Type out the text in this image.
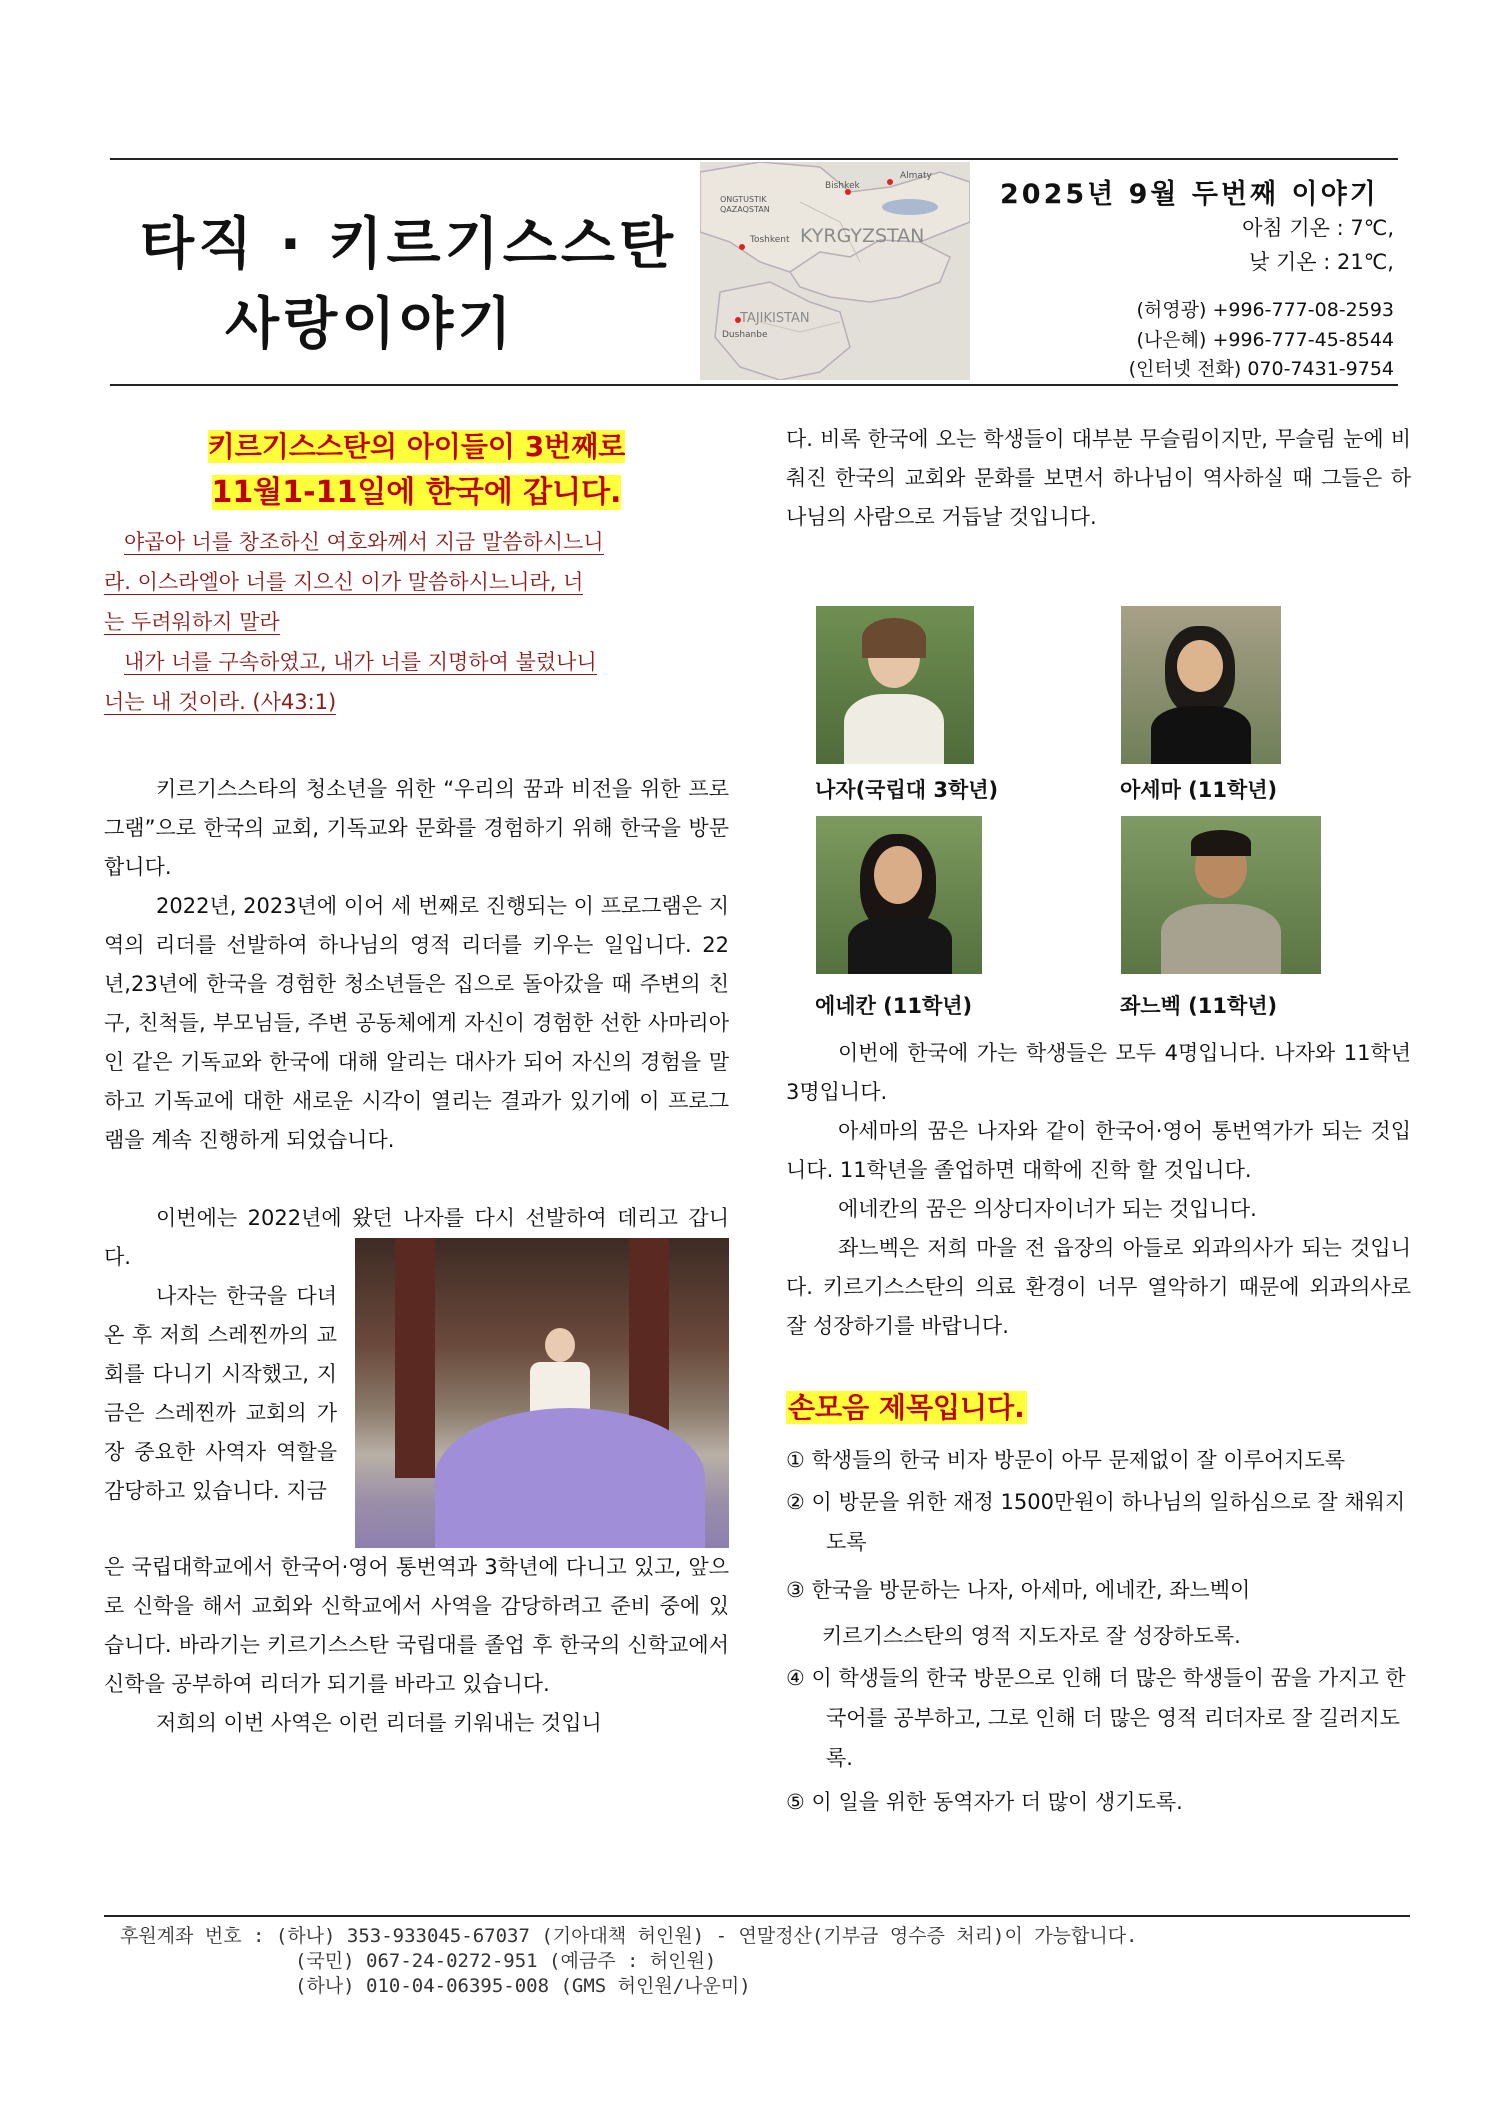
타직 · 키르기스스탄
사랑이야기
Bishkek
Almaty
ONGTUSTIK
QAZAQSTAN
Toshkent KYRGYZSTAN
TAJIKISTAN
Dushanbe
2025년 9월 두번째 이야기
아침 기온 : 7℃,
낮 기온 : 21℃,
(허영광) +996-777-08-2593
(나은혜) +996-777-45-8544
(인터넷 전화) 070-7431-9754
키르기스스탄의 아이들이 3번째로
11월1-11일에 한국에 갑니다.
야곱아 너를 창조하신 여호와께서 지금 말씀하시느니
라. 이스라엘아 너를 지으신 이가 말씀하시느니라, 너
는 두려워하지 말라
내가 너를 구속하였고, 내가 너를 지명하여 불렀나니
너는 내 것이라. (사43:1)

키르기스스타의 청소년을 위한 “우리의 꿈과 비전을 위한 프로그램”으로 한국의 교회, 기독교와 문화를 경험하기 위해 한국을 방문합니다.

2022년, 2023년에 이어 세 번째로 진행되는 이 프로그램은 지역의 리더를 선발하여 하나님의 영적 리더를 키우는 일입니다. 22년,23년에 한국을 경험한 청소년들은 집으로 돌아갔을 때 주변의 친구, 친척들, 부모님들, 주변 공동체에게 자신이 경험한 선한 사마리아인 같은 기독교와 한국에 대해 알리는 대사가 되어 자신의 경험을 말하고 기독교에 대한 새로운 시각이 열리는 결과가 있기에 이 프로그램을 계속 진행하게 되었습니다.

이번에는 2022년에 왔던 나자를 다시 선발하여 데리고 갑니다.

나자는 한국을 다녀온 후 저희 스레찐까의 교회를 다니기 시작했고, 지금은 스레찐까 교회의 가장 중요한 사역자 역할을 감당하고 있습니다. 지금

은 국립대학교에서 한국어·영어 통번역과 3학년에 다니고 있고, 앞으로 신학을 해서 교회와 신학교에서 사역을 감당하려고 준비 중에 있습니다. 바라기는 키르기스스탄 국립대를 졸업 후 한국의 신학교에서 신학을 공부하여 리더가 되기를 바라고 있습니다.

저희의 이번 사역은 이런 리더를 키워내는 것입니

다. 비록 한국에 오는 학생들이 대부분 무슬림이지만, 무슬림 눈에 비춰진 한국의 교회와 문화를 보면서 하나님이 역사하실 때 그들은 하나님의 사람으로 거듭날 것입니다.

나자(국립대 3학년)	아세마 (11학년)
에네칸 (11학년)	좌느벡 (11학년)

이번에 한국에 가는 학생들은 모두 4명입니다. 나자와 11학년 3명입니다.

아세마의 꿈은 나자와 같이 한국어·영어 통번역가가 되는 것입니다. 11학년을 졸업하면 대학에 진학 할 것입니다.

에네칸의 꿈은 의상디자이너가 되는 것입니다.

좌느벡은 저희 마을 전 읍장의 아들로 외과의사가 되는 것입니다. 키르기스스탄의 의료 환경이 너무 열악하기 때문에 외과의사로 잘 성장하기를 바랍니다.

손모음 제목입니다.

① 학생들의 한국 비자 방문이 아무 문제없이 잘 이루어지도록

② 이 방문을 위한 재정 1500만원이 하나님의 일하심으로 잘 채워지도록

③ 한국을 방문하는 나자, 아세마, 에네칸, 좌느벡이

키르기스스탄의 영적 지도자로 잘 성장하도록.

④ 이 학생들의 한국 방문으로 인해 더 많은 학생들이 꿈을 가지고 한국어를 공부하고, 그로 인해 더 많은 영적 리더자로 잘 길러지도록.

⑤ 이 일을 위한 동역자가 더 많이 생기도록.

후원계좌 번호 : (하나) 353-933045-67037 (기아대책 허인원) - 연말정산(기부금 영수증 처리)이 가능합니다.
(국민) 067-24-0272-951 (예금주 : 허인원)
(하나) 010-04-06395-008 (GMS 허인원/나운미)
